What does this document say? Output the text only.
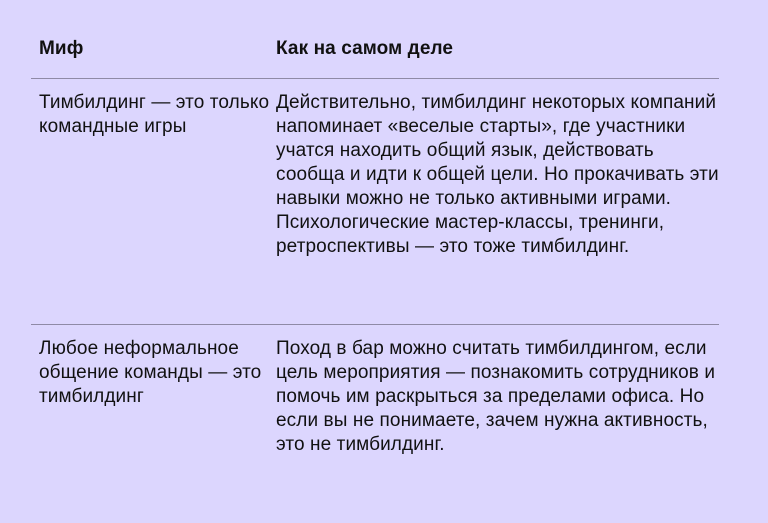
Миф	Как на самом деле
Тимбилдинг — это только командные игры
Действительно, тимбилдинг некоторых компаний напоминает «веселые старты», где участники учатся находить общий язык, действовать сообща и идти к общей цели. Но прокачивать эти навыки можно не только активными играми. Психологические мастер-классы, тренинги, ретроспективы — это тоже тимбилдинг.
Любое неформальное общение команды — это тимбилдинг
Поход в бар можно считать тимбилдингом, если цель мероприятия — познакомить сотрудников и помочь им раскрыться за пределами офиса. Но если вы не понимаете, зачем нужна активность, это не тимбилдинг.
